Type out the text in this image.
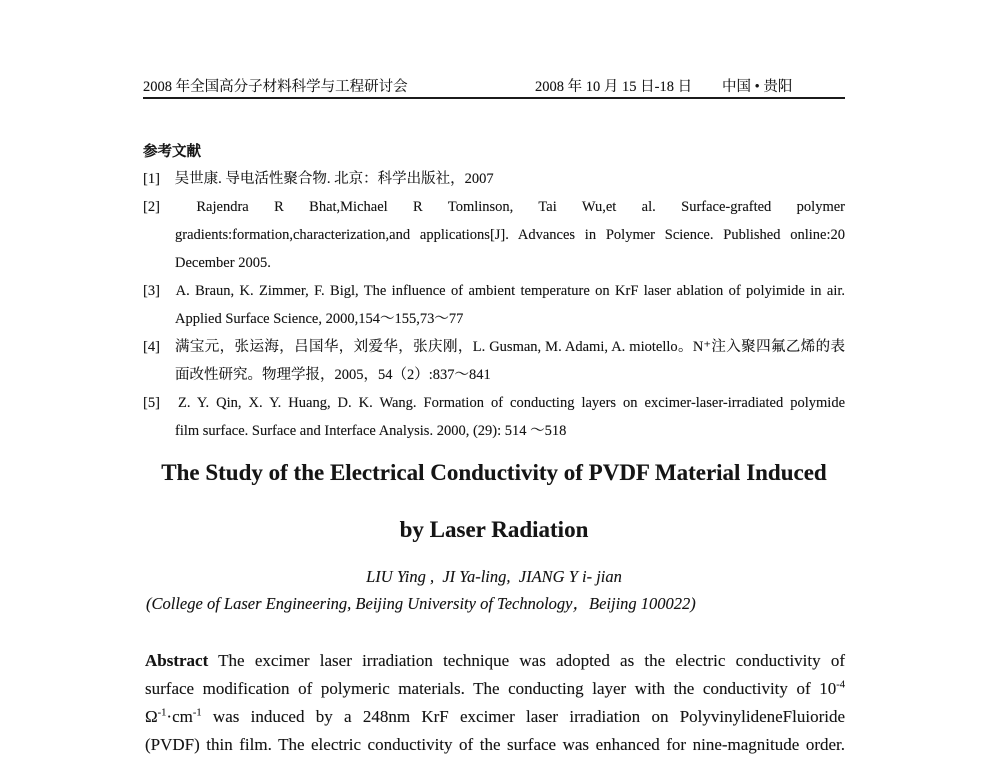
2008 年全国高分子材料科学与工程研讨会	2008 年 10 月 15 日-18 日 中国 • 贵阳
参考文献
[1] 吴世康. 导电活性聚合物. 北京：科学出版社，2007
[2]	Rajendra R Bhat,Michael R Tomlinson, Tai Wu,et al. Surface-grafted polymer
gradients:formation,characterization,and applications[J]. Advances in Polymer Science. Published online:20
December 2005.
[3] A. Braun, K. Zimmer, F. Bigl, The influence of ambient temperature on KrF laser ablation of polyimide in air.
Applied Surface Science, 2000,154～155,73～77
[4] 满宝元，张运海，吕国华，刘爱华，张庆刚，L. Gusman, M. Adami, A. miotello。N⁺注入聚四氟乙烯的表
面改性研究。物理学报，2005，54（2）:837～841
[5] Z. Y. Qin, X. Y. Huang, D. K. Wang. Formation of conducting layers on excimer-laser-irradiated polymide
film surface. Surface and Interface Analysis. 2000, (29): 514 ～518
The Study of the Electrical Conductivity of PVDF Material Induced
by Laser Radiation
LIU Ying ,  JI Ya-ling,  JIANG Y i- jian
(College of Laser Engineering, Beijing University of Technology，Beijing 100022)
Abstract The excimer laser irradiation technique was adopted as the electric conductivity of
surface modification of polymeric materials. The conducting layer with the conductivity of $10^{-4}$
$\Omega^{-1}\cdot cm^{-1}$ was induced by a 248nm KrF excimer laser irradiation on PolyvinylideneFluioride
(PVDF) thin film. The electric conductivity of the surface was enhanced for nine-magnitude order.
